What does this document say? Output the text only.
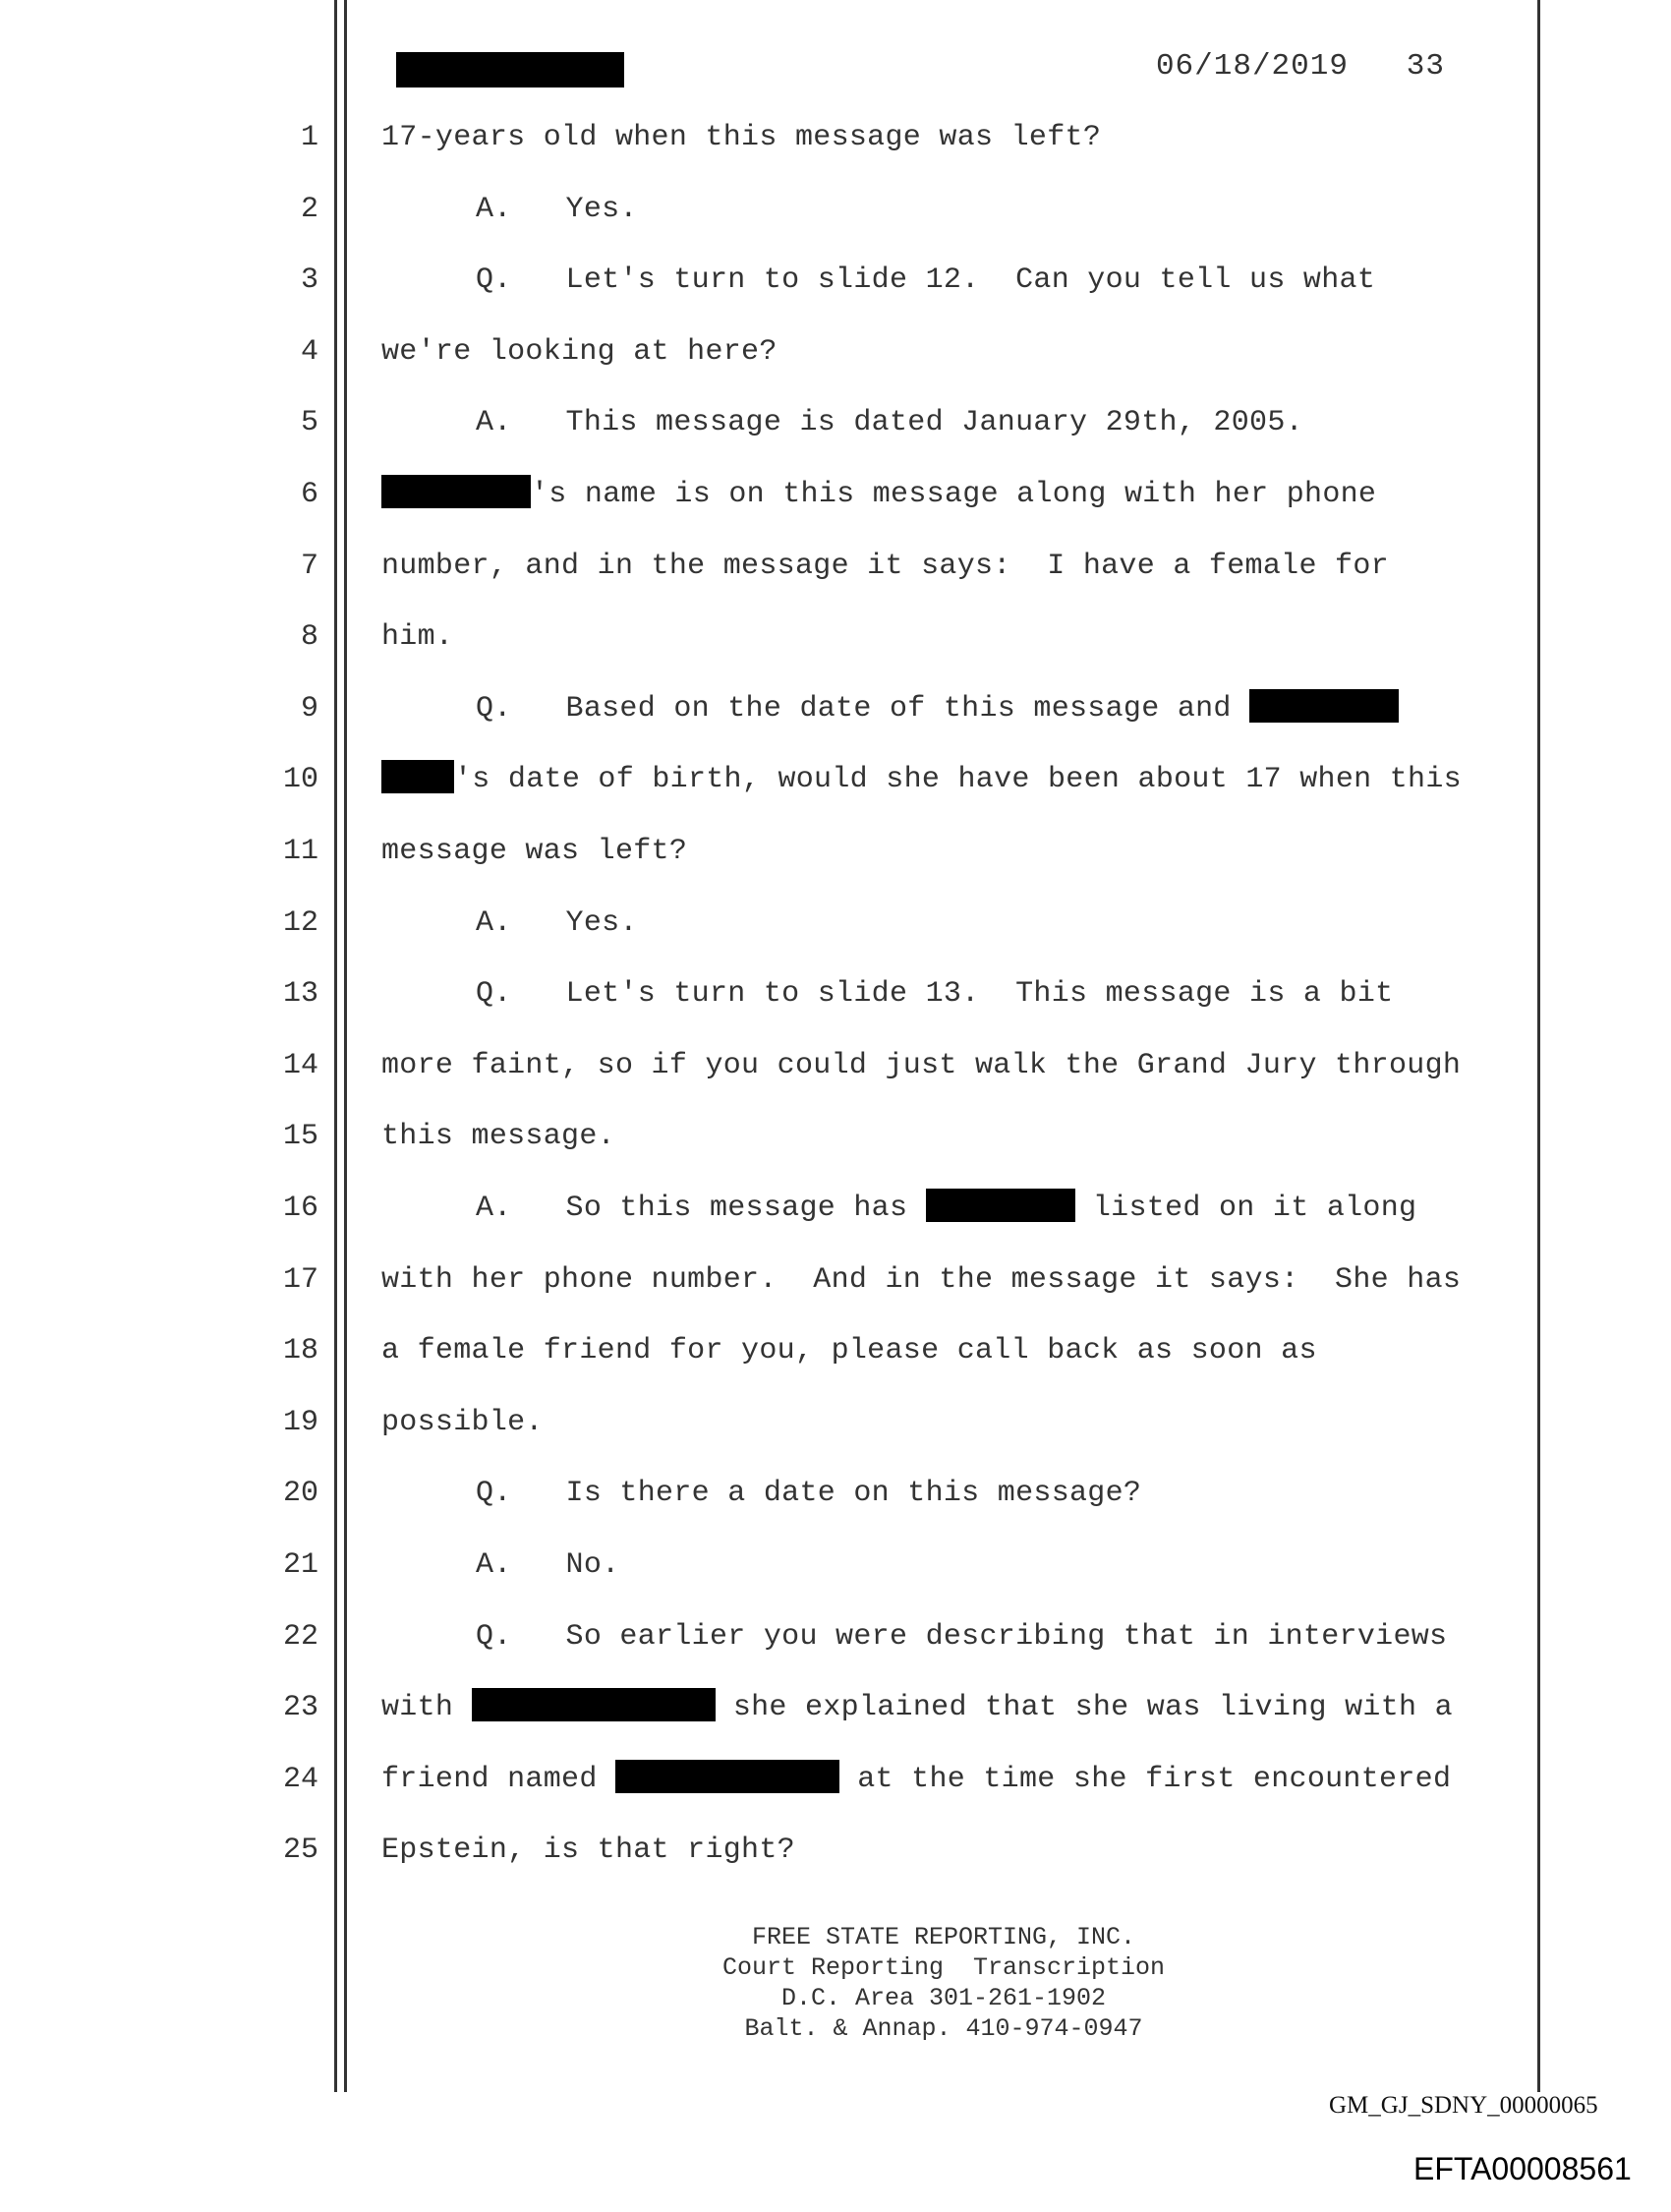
06/18/2019 33
1 17-years old when this message was left?
2	A.   Yes.
3	Q.   Let's turn to slide 12.  Can you tell us what
4 we're looking at here?
5	A.   This message is dated January 29th, 2005.
6	's name is on this message along with her phone
7 number, and in the message it says:  I have a female for
8 him.
9	Q.   Based on the date of this message and
10	's date of birth, would she have been about 17 when this
11 message was left?
12	A.   Yes.
13	Q.   Let's turn to slide 13.  This message is a bit
14 more faint, so if you could just walk the Grand Jury through
15 this message.
16	A.   So this message has	listed on it along
17 with her phone number.  And in the message it says:  She has
18 a female friend for you, please call back as soon as
19 possible.
20	Q.   Is there a date on this message?
21	A.   No.
22	Q.   So earlier you were describing that in interviews
23 with	she explained that she was living with a
24 friend named	at the time she first encountered
25 Epstein, is that right?
FREE STATE REPORTING, INC.
Court Reporting  Transcription
D.C. Area 301-261-1902
Balt. & Annap. 410-974-0947
GM_GJ_SDNY_00000065
EFTA00008561
